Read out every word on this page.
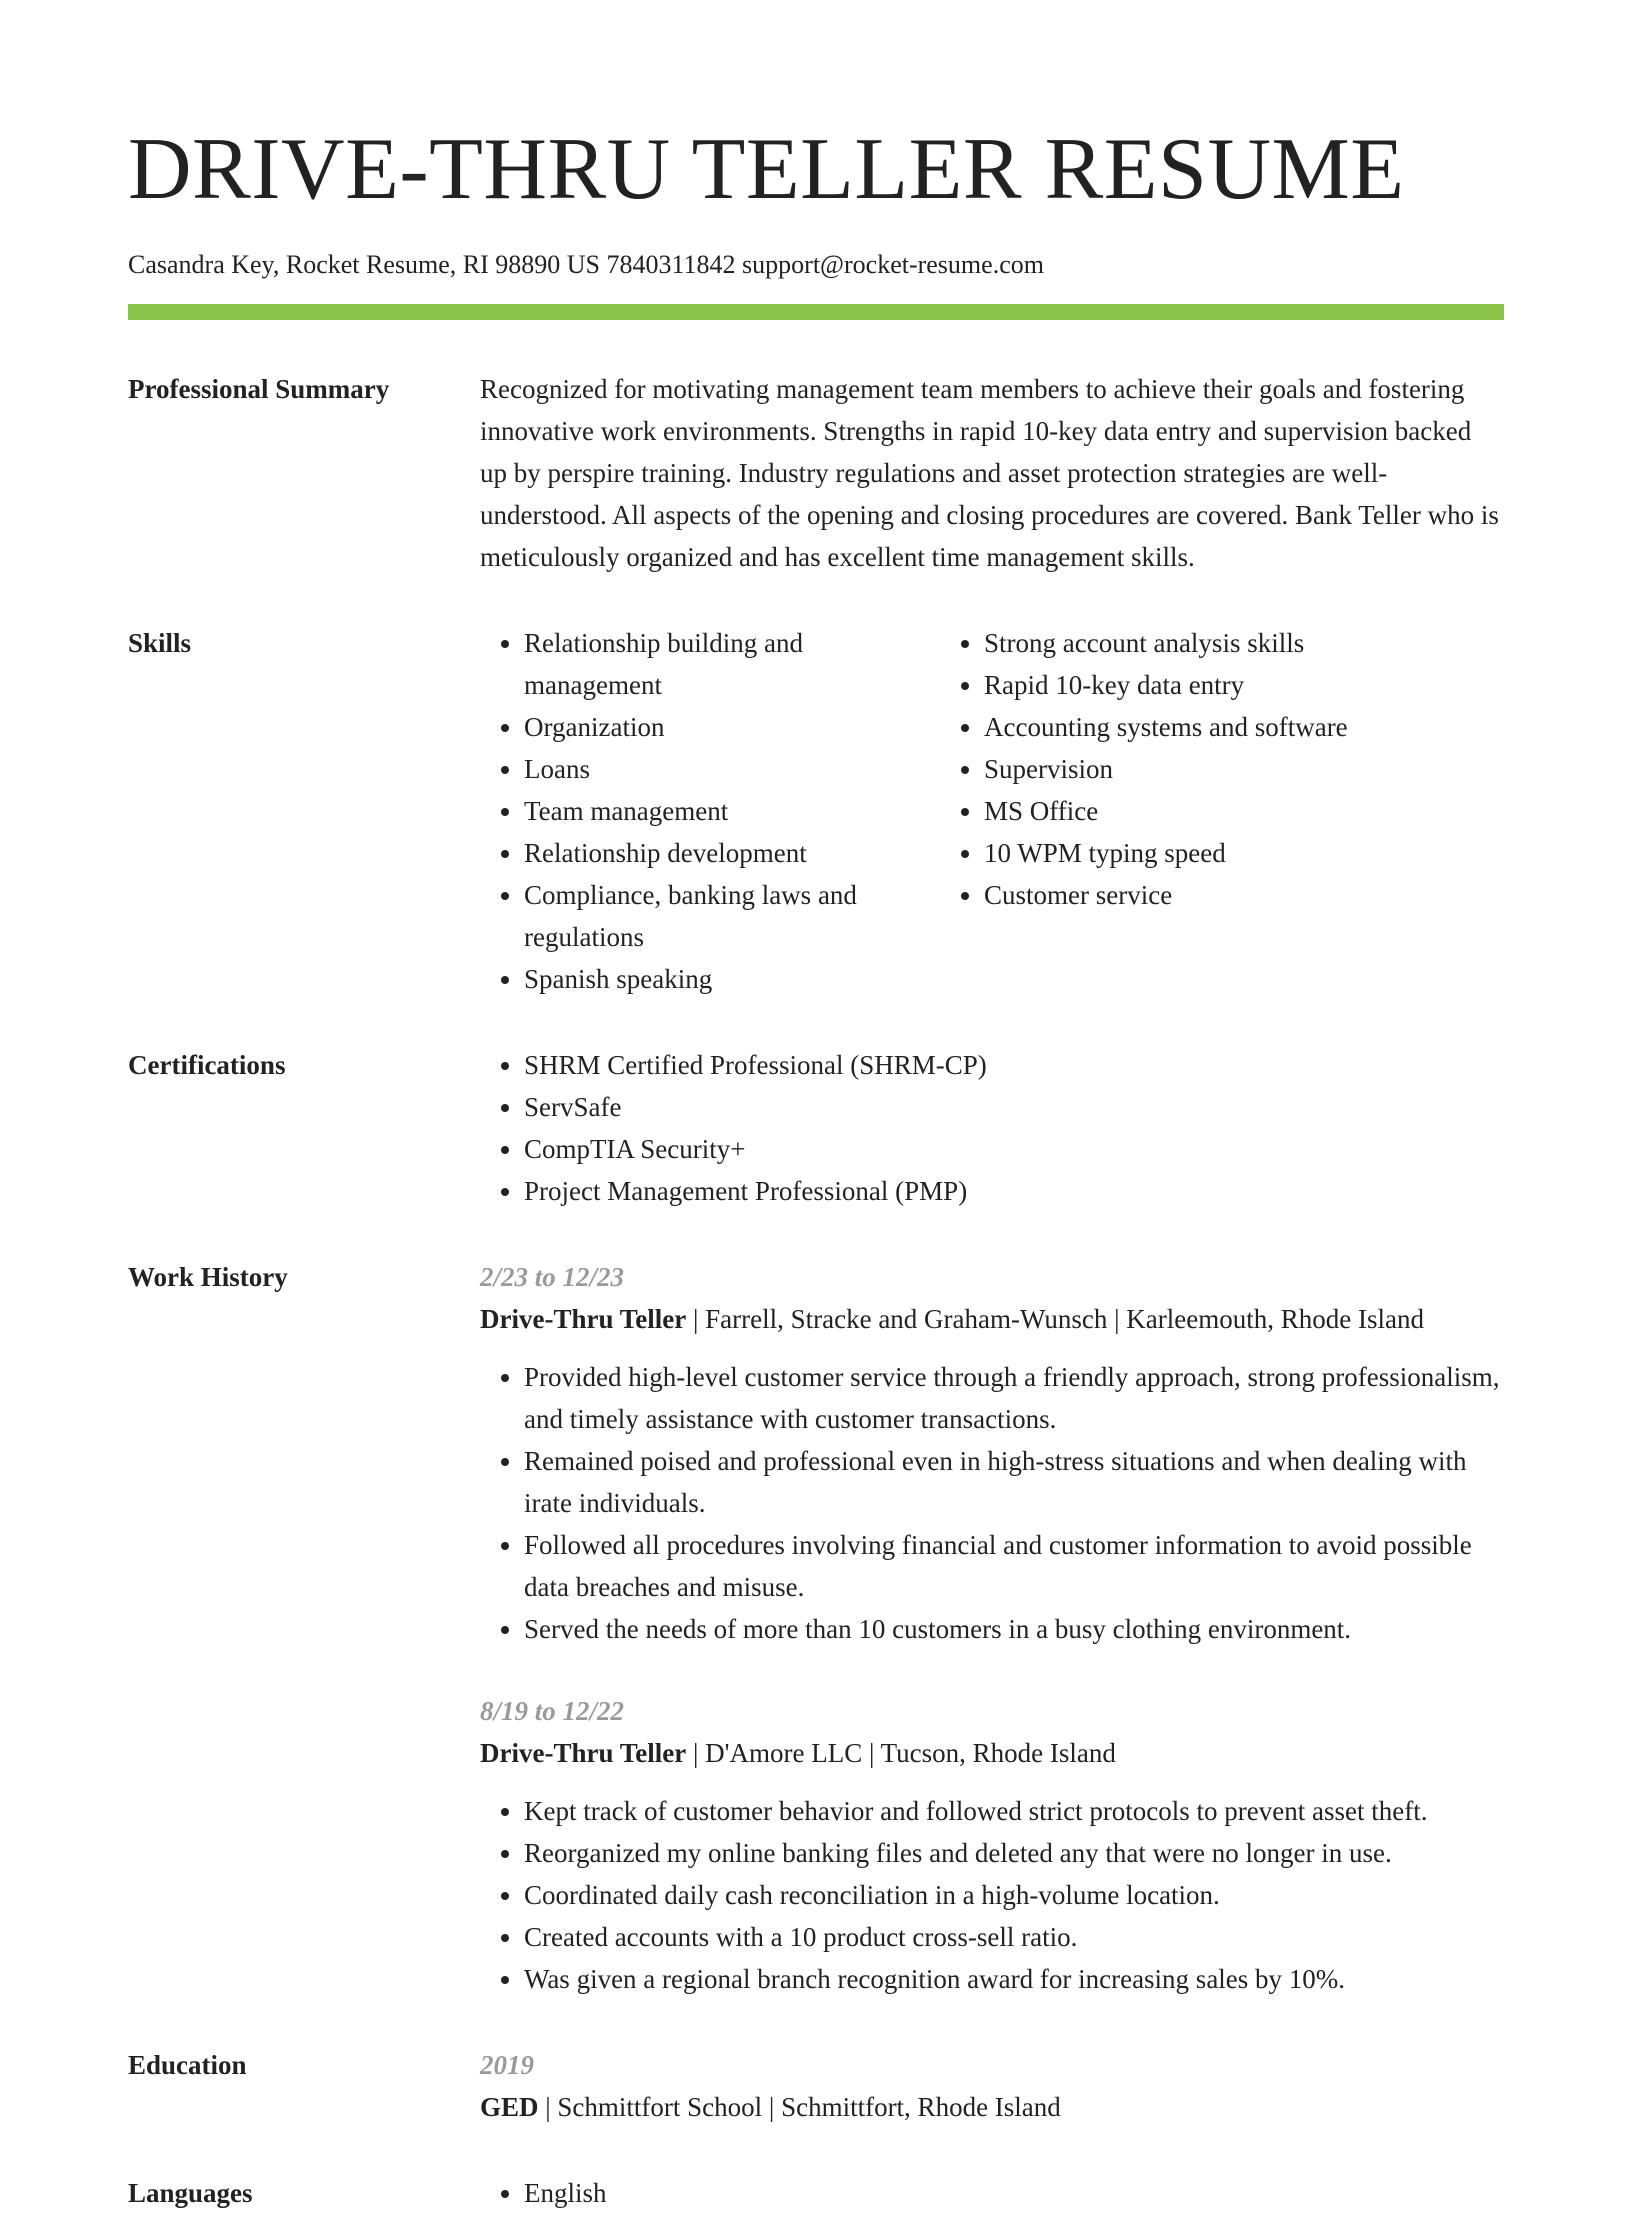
DRIVE-THRU TELLER RESUME
Casandra Key, Rocket Resume, RI 98890 US 7840311842 support@rocket-resume.com
Professional Summary	Recognized for motivating management team members to achieve their goals and fostering innovative work environments. Strengths in rapid 10-key data entry and supervision backed up by perspire training. Industry regulations and asset protection strategies are well-understood. All aspects of the opening and closing procedures are covered. Bank Teller who is meticulously organized and has excellent time management skills.

Skills	• Relationship building and management
• Organization
• Loans
• Team management
• Relationship development
• Compliance, banking laws and regulations
• Spanish speaking
• Strong account analysis skills
• Rapid 10-key data entry
• Accounting systems and software
• Supervision
• MS Office
• 10 WPM typing speed
• Customer service
Certifications	• SHRM Certified Professional (SHRM-CP)
• ServSafe
• CompTIA Security+
• Project Management Professional (PMP)
Work History	2/23 to 12/23
Drive-Thru Teller | Farrell, Stracke and Graham-Wunsch | Karleemouth, Rhode Island
• Provided high-level customer service through a friendly approach, strong professionalism, and timely assistance with customer transactions.
• Remained poised and professional even in high-stress situations and when dealing with irate individuals.
• Followed all procedures involving financial and customer information to avoid possible data breaches and misuse.
• Served the needs of more than 10 customers in a busy clothing environment.
8/19 to 12/22
Drive-Thru Teller | D'Amore LLC | Tucson, Rhode Island
• Kept track of customer behavior and followed strict protocols to prevent asset theft.
• Reorganized my online banking files and deleted any that were no longer in use.
• Coordinated daily cash reconciliation in a high-volume location.
• Created accounts with a 10 product cross-sell ratio.
• Was given a regional branch recognition award for increasing sales by 10%.
Education	2019
GED | Schmittfort School | Schmittfort, Rhode Island
Languages	• English
